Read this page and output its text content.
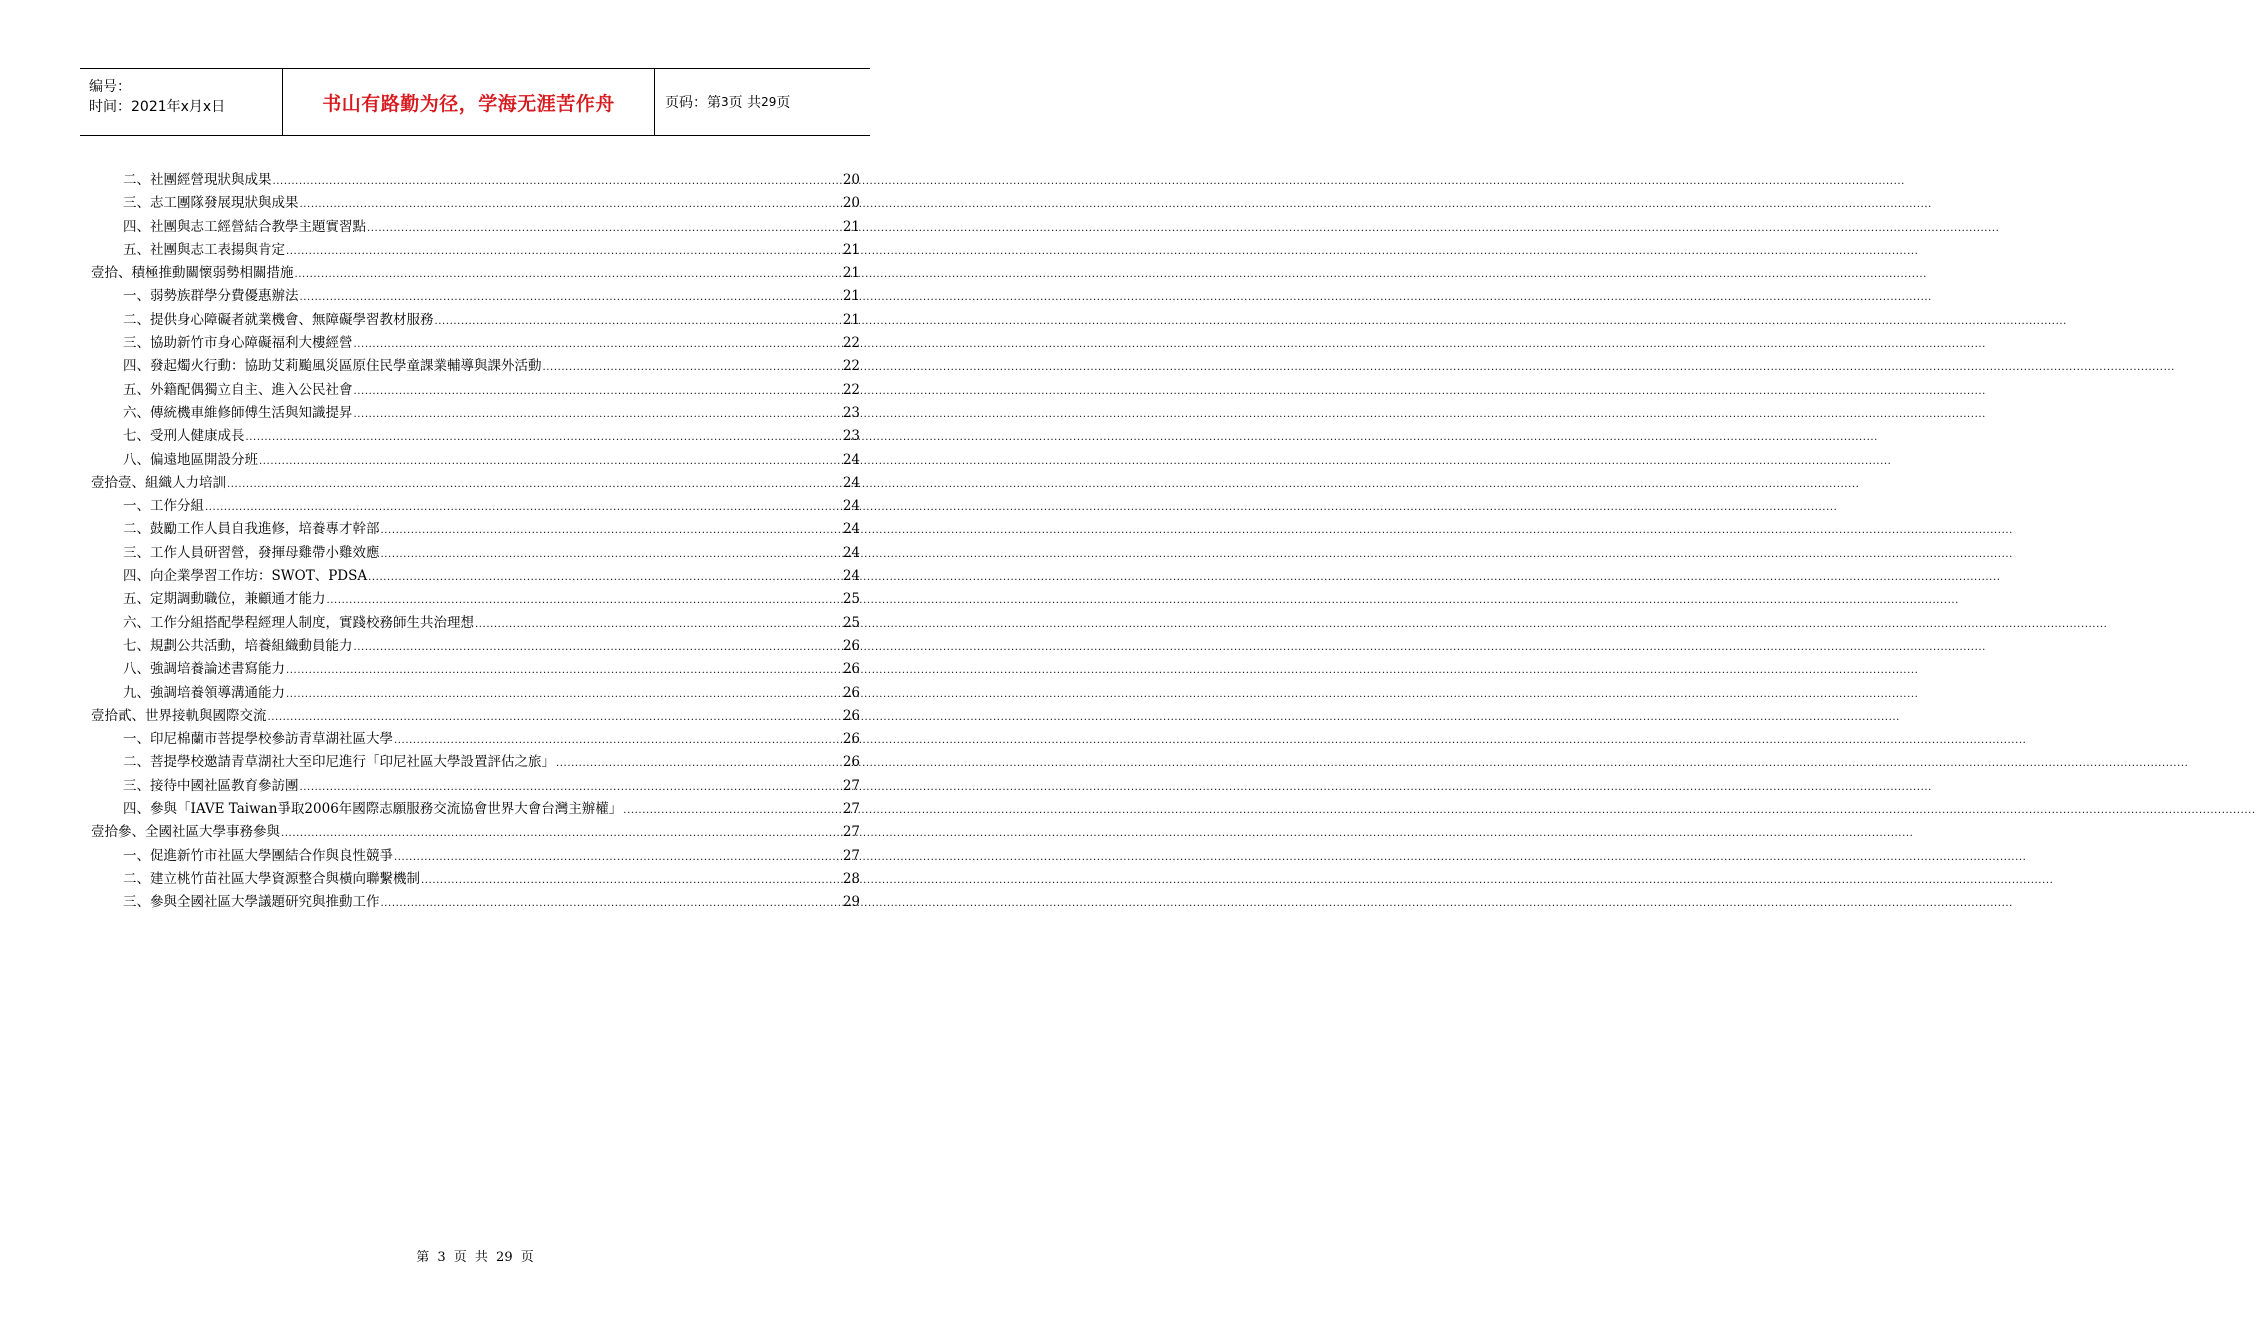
编号：
时间：2021年x月x日	书山有路勤为径，学海无涯苦作舟	页码：第 3 页 共 29 页
二、 社團經營現狀與成果 .....	20
三、 志工團隊發展現狀與成果 .....	20
四、 社團與志工經營結合教學主題實習點 .....	21
五、 社團與志工表揚與肯定 .....	21
壹拾、 積極推動關懷弱勢相關措施 .....	21
一、 弱勢族群學分費優惠辦法 .....	21
二、 提供身心障礙者就業機會、無障礙學習教材服務 .....	21
三、 協助新竹市身心障礙福利大樓經營 .....	22
四、 發起燭火行動：協助艾莉颱風災區原住民學童課業輔導與課外活動 .....	22
五、 外籍配偶獨立自主、進入公民社會 .....	22
六、 傳統機車維修師傅生活與知識提昇 .....	23
七、 受刑人健康成長 .....	23
八、 偏遠地區開設分班 .....	24
壹拾壹、 組織人力培訓 .....	24
一、 工作分組 .....	24
二、 鼓勵工作人員自我進修，培養專才幹部 .....	24
三、 工作人員研習營，發揮母雞帶小雞效應 .....	24
四、 向企業學習工作坊：SWOT、PDSA .....	24
五、 定期調動職位，兼顧通才能力 .....	25
六、 工作分組搭配學程經理人制度，實踐校務師生共治理想 .....	25
七、 規劃公共活動，培養組織動員能力 .....	26
八、 強調培養論述書寫能力 .....	26
九、 強調培養領導溝通能力 .....	26
壹拾貳、 世界接軌與國際交流 .....	26
一、 印尼棉蘭市菩提學校參訪青草湖社區大學 .....	26
二、 菩提學校邀請青草湖社大至印尼進行「印尼社區大學設置評估之旅」 .....	26
三、 接待中國社區教育參訪團 .....	27
四、 參與「IAVE Taiwan爭取2006年國際志願服務交流協會世界大會台灣主辦權」 .....	27
壹拾參、 全國社區大學事務參與 .....	27
一、 促進新竹市社區大學團結合作與良性競爭 .....	27
二、 建立桃竹苗社區大學資源整合與橫向聯繫機制 .....	28
三、 參與全國社區大學議題研究與推動工作 .....	29
第 3 页 共 29 页
